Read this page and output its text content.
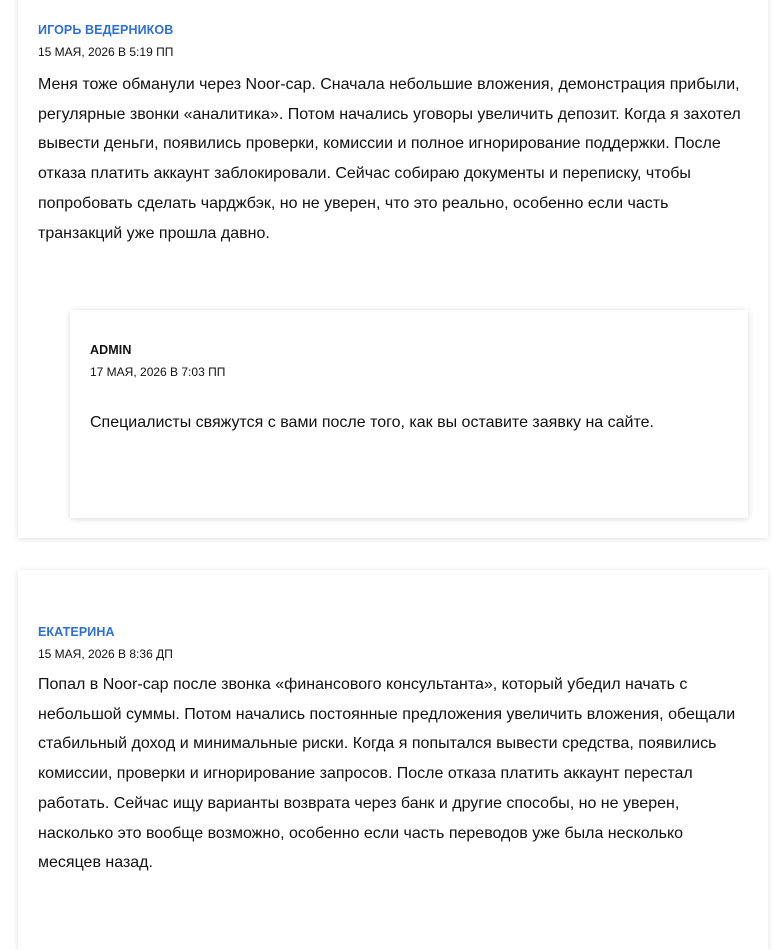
ИГОРЬ ВЕДЕРНИКОВ
15 МАЯ, 2026 В 5:19 ПП
Меня тоже обманули через Noor-cap. Сначала небольшие вложения, демонстрация прибыли, регулярные звонки «аналитика». Потом начались уговоры увеличить депозит. Когда я захотел вывести деньги, появились проверки, комиссии и полное игнорирование поддержки. После отказа платить аккаунт заблокировали. Сейчас собираю документы и переписку, чтобы попробовать сделать чарджбэк, но не уверен, что это реально, особенно если часть транзакций уже прошла давно.
ADMIN
17 МАЯ, 2026 В 7:03 ПП
Специалисты свяжутся с вами после того, как вы оставите заявку на сайте.
ЕКАТЕРИНА
15 МАЯ, 2026 В 8:36 ДП
Попал в Noor-cap после звонка «финансового консультанта», который убедил начать с небольшой суммы. Потом начались постоянные предложения увеличить вложения, обещали стабильный доход и минимальные риски. Когда я попытался вывести средства, появились комиссии, проверки и игнорирование запросов. После отказа платить аккаунт перестал работать. Сейчас ищу варианты возврата через банк и другие способы, но не уверен, насколько это вообще возможно, особенно если часть переводов уже была несколько месяцев назад.
